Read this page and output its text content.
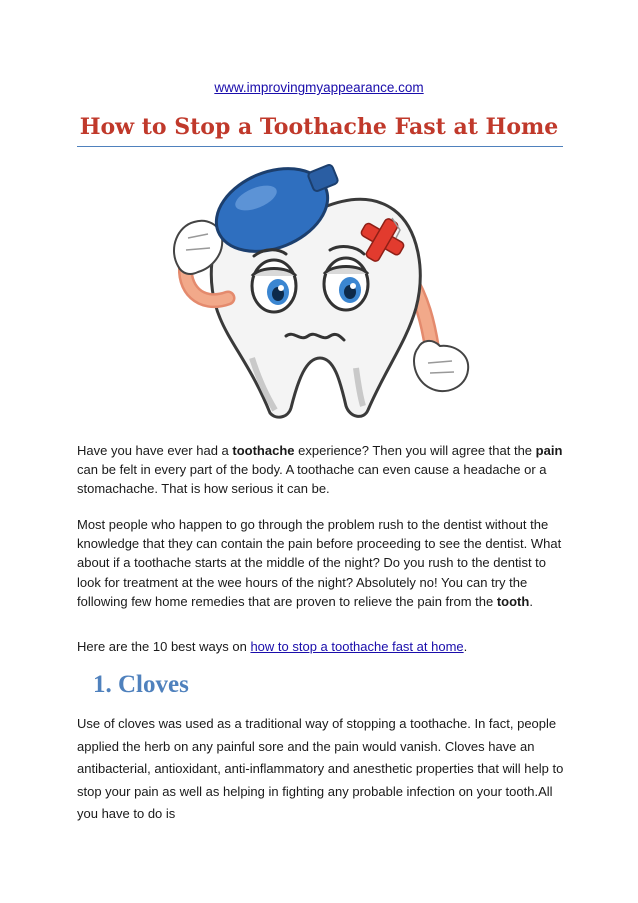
www.improvingmyappearance.com
How to Stop a Toothache Fast at Home

Have you have ever had a toothache experience? Then you will agree that the pain can be felt in every part of the body. A toothache can even cause a headache or a stomachache. That is how serious it can be.

Most people who happen to go through the problem rush to the dentist without the knowledge that they can contain the pain before proceeding to see the dentist. What about if a toothache starts at the middle of the night? Do you rush to the dentist to look for treatment at the wee hours of the night? Absolutely no! You can try the following few home remedies that are proven to relieve the pain from the tooth.

Here are the 10 best ways on how to stop a toothache fast at home.

1. Cloves

Use of cloves was used as a traditional way of stopping a toothache. In fact, people applied the herb on any painful sore and the pain would vanish. Cloves have an antibacterial, antioxidant, anti-inflammatory and anesthetic properties that will help to stop your pain as well as helping in fighting any probable infection on your tooth.All you have to do is
